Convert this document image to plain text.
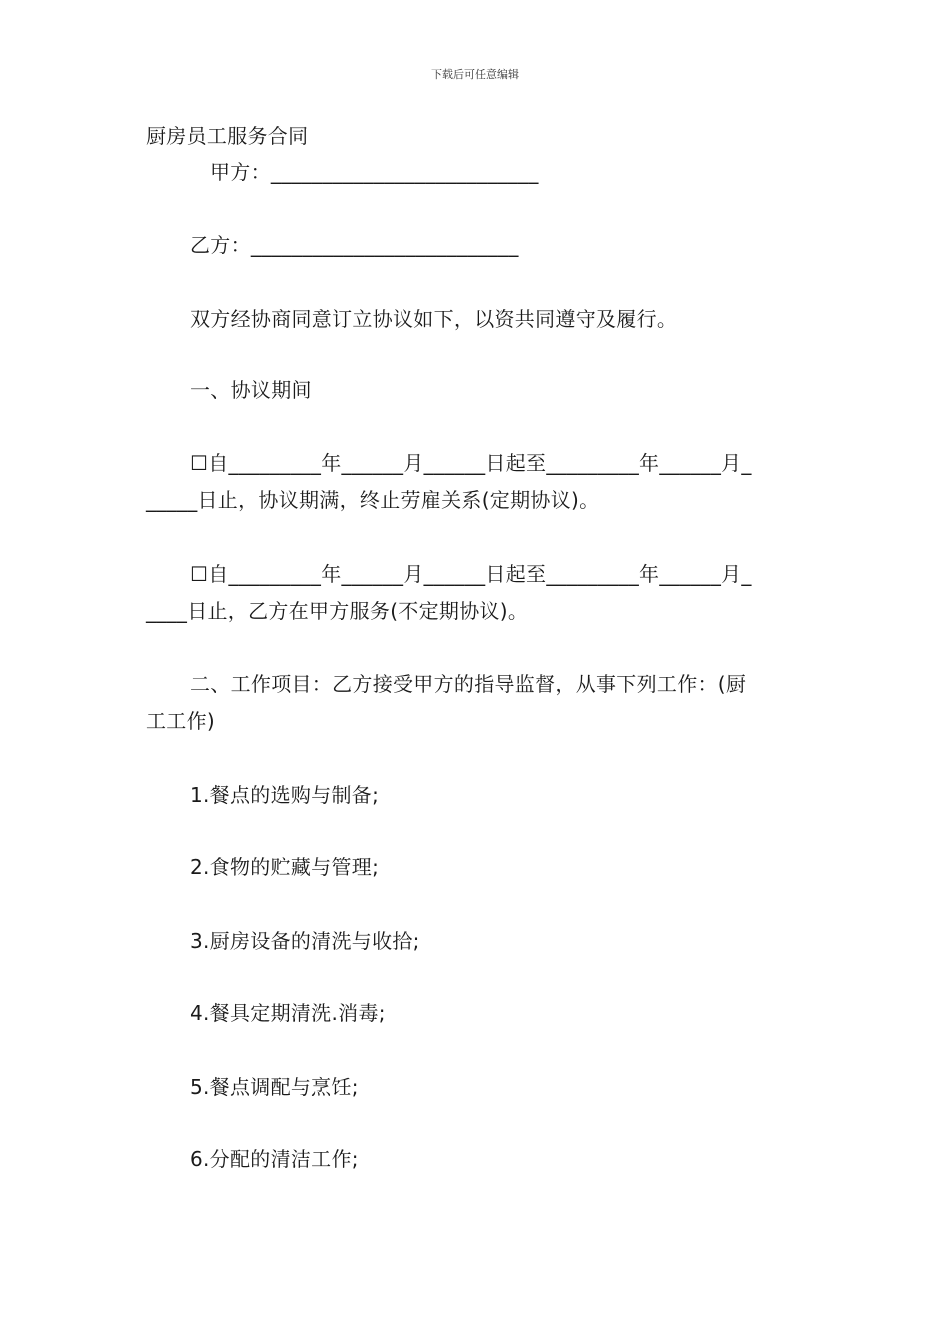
下载后可任意编辑
厨房员工服务合同
甲方：__________________________
乙方：__________________________
双方经协商同意订立协议如下，以资共同遵守及履行。
一、协议期间
☐自_________年______月______日起至_________年______月_
_____日止，协议期满，终止劳雇关系(定期协议)。
☐自_________年______月______日起至_________年______月_
____日止，乙方在甲方服务(不定期协议)。
二、工作项目：乙方接受甲方的指导监督，从事下列工作：(厨
工工作)
1.餐点的选购与制备;
2.食物的贮藏与管理;
3.厨房设备的清洗与收拾;
4.餐具定期清洗.消毒;
5.餐点调配与烹饪;
6.分配的清洁工作;
